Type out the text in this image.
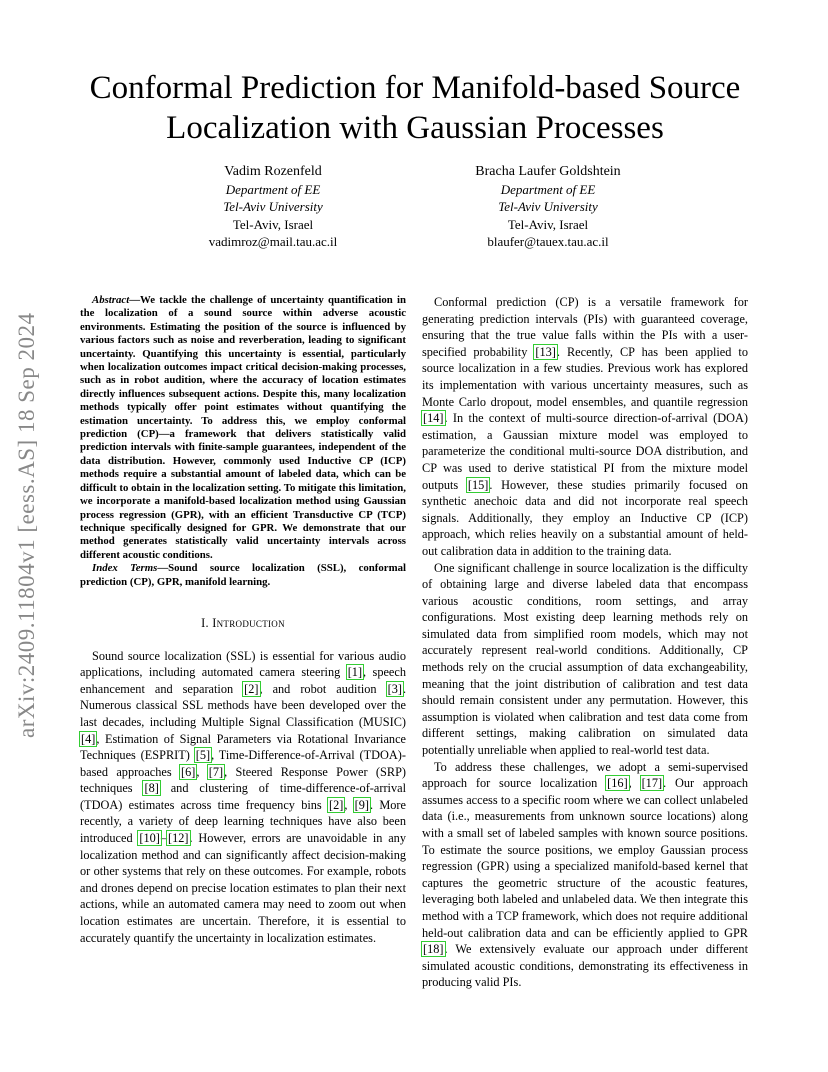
arXiv:2409.11804v1 [eess.AS] 18 Sep 2024
Conformal Prediction for Manifold-based Source Localization with Gaussian Processes
Vadim Rozenfeld
Department of EE
Tel-Aviv University
Tel-Aviv, Israel
vadimroz@mail.tau.ac.il
Bracha Laufer Goldshtein
Department of EE
Tel-Aviv University
Tel-Aviv, Israel
blaufer@tauex.tau.ac.il

Abstract—We tackle the challenge of uncertainty quantification in the localization of a sound source within adverse acoustic environments. Estimating the position of the source is influenced by various factors such as noise and reverberation, leading to significant uncertainty. Quantifying this uncertainty is essential, particularly when localization outcomes impact critical decision-making processes, such as in robot audition, where the accuracy of location estimates directly influences subsequent actions. Despite this, many localization methods typically offer point estimates without quantifying the estimation uncertainty. To address this, we employ conformal prediction (CP)—a framework that delivers statistically valid prediction intervals with finite-sample guarantees, independent of the data distribution. However, commonly used Inductive CP (ICP) methods require a substantial amount of labeled data, which can be difficult to obtain in the localization setting. To mitigate this limitation, we incorporate a manifold-based localization method using Gaussian process regression (GPR), with an efficient Transductive CP (TCP) technique specifically designed for GPR. We demonstrate that our method generates statistically valid uncertainty intervals across different acoustic conditions.

Index Terms—Sound source localization (SSL), conformal prediction (CP), GPR, manifold learning.

I. Introduction

Sound source localization (SSL) is essential for various audio applications, including automated camera steering [1], speech enhancement and separation [2], and robot audition [3]. Numerous classical SSL methods have been developed over the last decades, including Multiple Signal Classification (MUSIC) [4], Estimation of Signal Parameters via Rotational Invariance Techniques (ESPRIT) [5], Time-Difference-of-Arrival (TDOA)-based approaches [6], [7], Steered Response Power (SRP) techniques [8] and clustering of time-difference-of-arrival (TDOA) estimates across time frequency bins [2], [9]. More recently, a variety of deep learning techniques have also been introduced [10]–[12]. However, errors are unavoidable in any localization method and can significantly affect decision-making or other systems that rely on these outcomes. For example, robots and drones depend on precise location estimates to plan their next actions, while an automated camera may need to zoom out when location estimates are uncertain. Therefore, it is essential to accurately quantify the uncertainty in localization estimates.

Conformal prediction (CP) is a versatile framework for generating prediction intervals (PIs) with guaranteed coverage, ensuring that the true value falls within the PIs with a user-specified probability [13]. Recently, CP has been applied to source localization in a few studies. Previous work has explored its implementation with various uncertainty measures, such as Monte Carlo dropout, model ensembles, and quantile regression [14]. In the context of multi-source direction-of-arrival (DOA) estimation, a Gaussian mixture model was employed to parameterize the conditional multi-source DOA distribution, and CP was used to derive statistical PI from the mixture model outputs [15]. However, these studies primarily focused on synthetic anechoic data and did not incorporate real speech signals. Additionally, they employ an Inductive CP (ICP) approach, which relies heavily on a substantial amount of held-out calibration data in addition to the training data.

One significant challenge in source localization is the difficulty of obtaining large and diverse labeled data that encompass various acoustic conditions, room settings, and array configurations. Most existing deep learning methods rely on simulated data from simplified room models, which may not accurately represent real-world conditions. Additionally, CP methods rely on the crucial assumption of data exchangeability, meaning that the joint distribution of calibration and test data should remain consistent under any permutation. However, this assumption is violated when calibration and test data come from different settings, making calibration on simulated data potentially unreliable when applied to real-world test data.

To address these challenges, we adopt a semi-supervised approach for source localization [16], [17]. Our approach assumes access to a specific room where we can collect unlabeled data (i.e., measurements from unknown source locations) along with a small set of labeled samples with known source positions. To estimate the source positions, we employ Gaussian process regression (GPR) using a specialized manifold-based kernel that captures the geometric structure of the acoustic features, leveraging both labeled and unlabeled data. We then integrate this method with a TCP framework, which does not require additional held-out calibration data and can be efficiently applied to GPR [18]. We extensively evaluate our approach under different simulated acoustic conditions, demonstrating its effectiveness in producing valid PIs.
